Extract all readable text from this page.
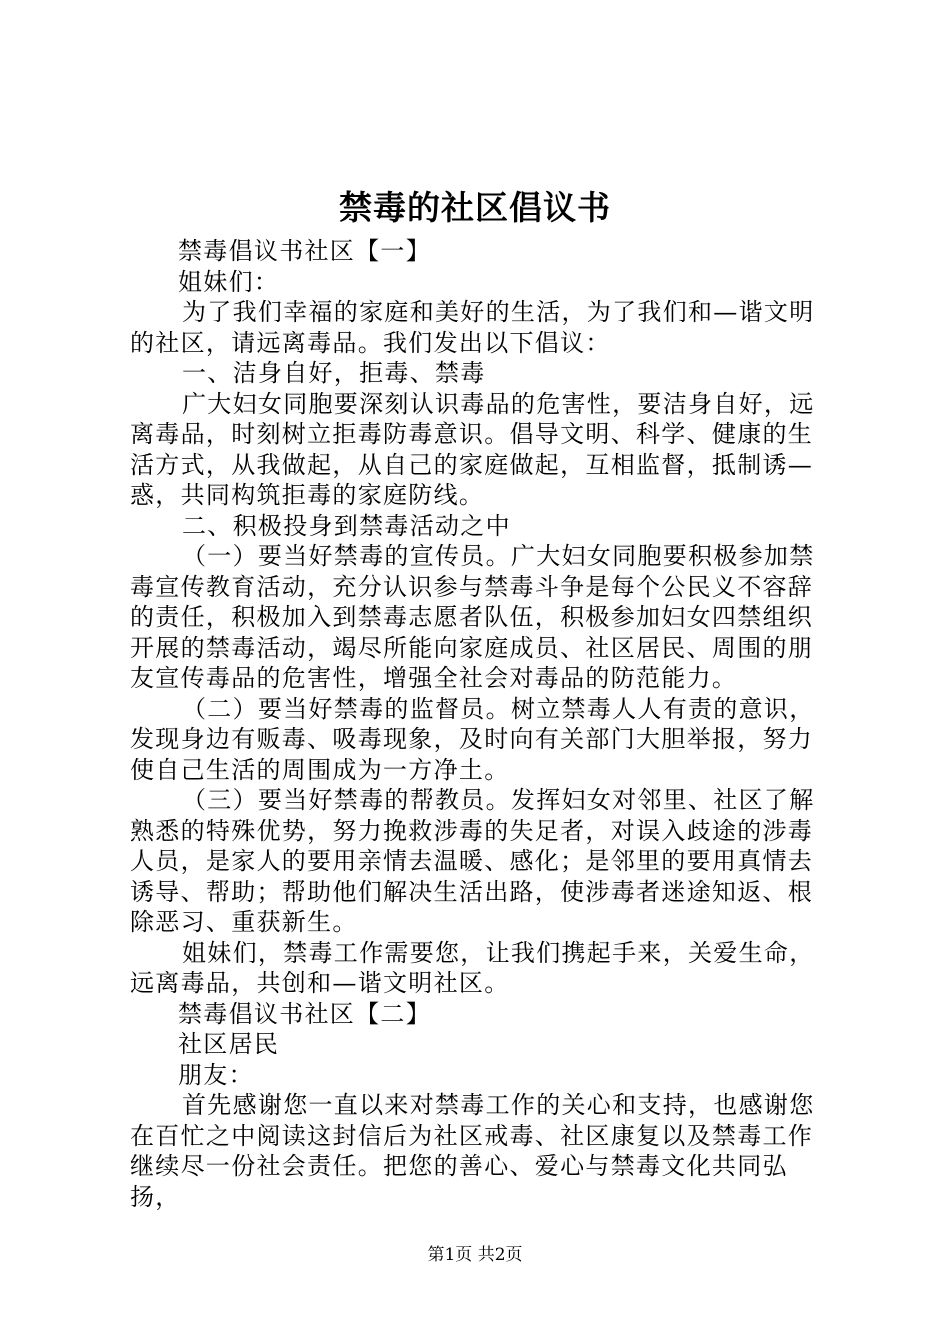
禁毒的社区倡议书

禁毒倡议书社区【一】

姐妹们：

为了我们幸福的家庭和美好的生活，为了我们和—谐文明的社区，请远离毒品。我们发出以下倡议：

一、洁身自好，拒毒、禁毒

广大妇女同胞要深刻认识毒品的危害性，要洁身自好，远离毒品，时刻树立拒毒防毒意识。倡导文明、科学、健康的生活方式，从我做起，从自己的家庭做起，互相监督，抵制诱—惑，共同构筑拒毒的家庭防线。

二、积极投身到禁毒活动之中

（一）要当好禁毒的宣传员。广大妇女同胞要积极参加禁毒宣传教育活动，充分认识参与禁毒斗争是每个公民义不容辞的责任，积极加入到禁毒志愿者队伍，积极参加妇女四禁组织开展的禁毒活动，竭尽所能向家庭成员、社区居民、周围的朋友宣传毒品的危害性，增强全社会对毒品的防范能力。

（二）要当好禁毒的监督员。树立禁毒人人有责的意识，发现身边有贩毒、吸毒现象，及时向有关部门大胆举报，努力使自己生活的周围成为一方净土。

（三）要当好禁毒的帮教员。发挥妇女对邻里、社区了解熟悉的特殊优势，努力挽救涉毒的失足者，对误入歧途的涉毒人员，是家人的要用亲情去温暖、感化；是邻里的要用真情去诱导、帮助；帮助他们解决生活出路，使涉毒者迷途知返、根除恶习、重获新生。

姐妹们，禁毒工作需要您，让我们携起手来，关爱生命，远离毒品，共创和—谐文明社区。

禁毒倡议书社区【二】

社区居民

朋友：

首先感谢您一直以来对禁毒工作的关心和支持，也感谢您在百忙之中阅读这封信后为社区戒毒、社区康复以及禁毒工作继续尽一份社会责任。把您的善心、爱心与禁毒文化共同弘扬，

第1页 共2页
